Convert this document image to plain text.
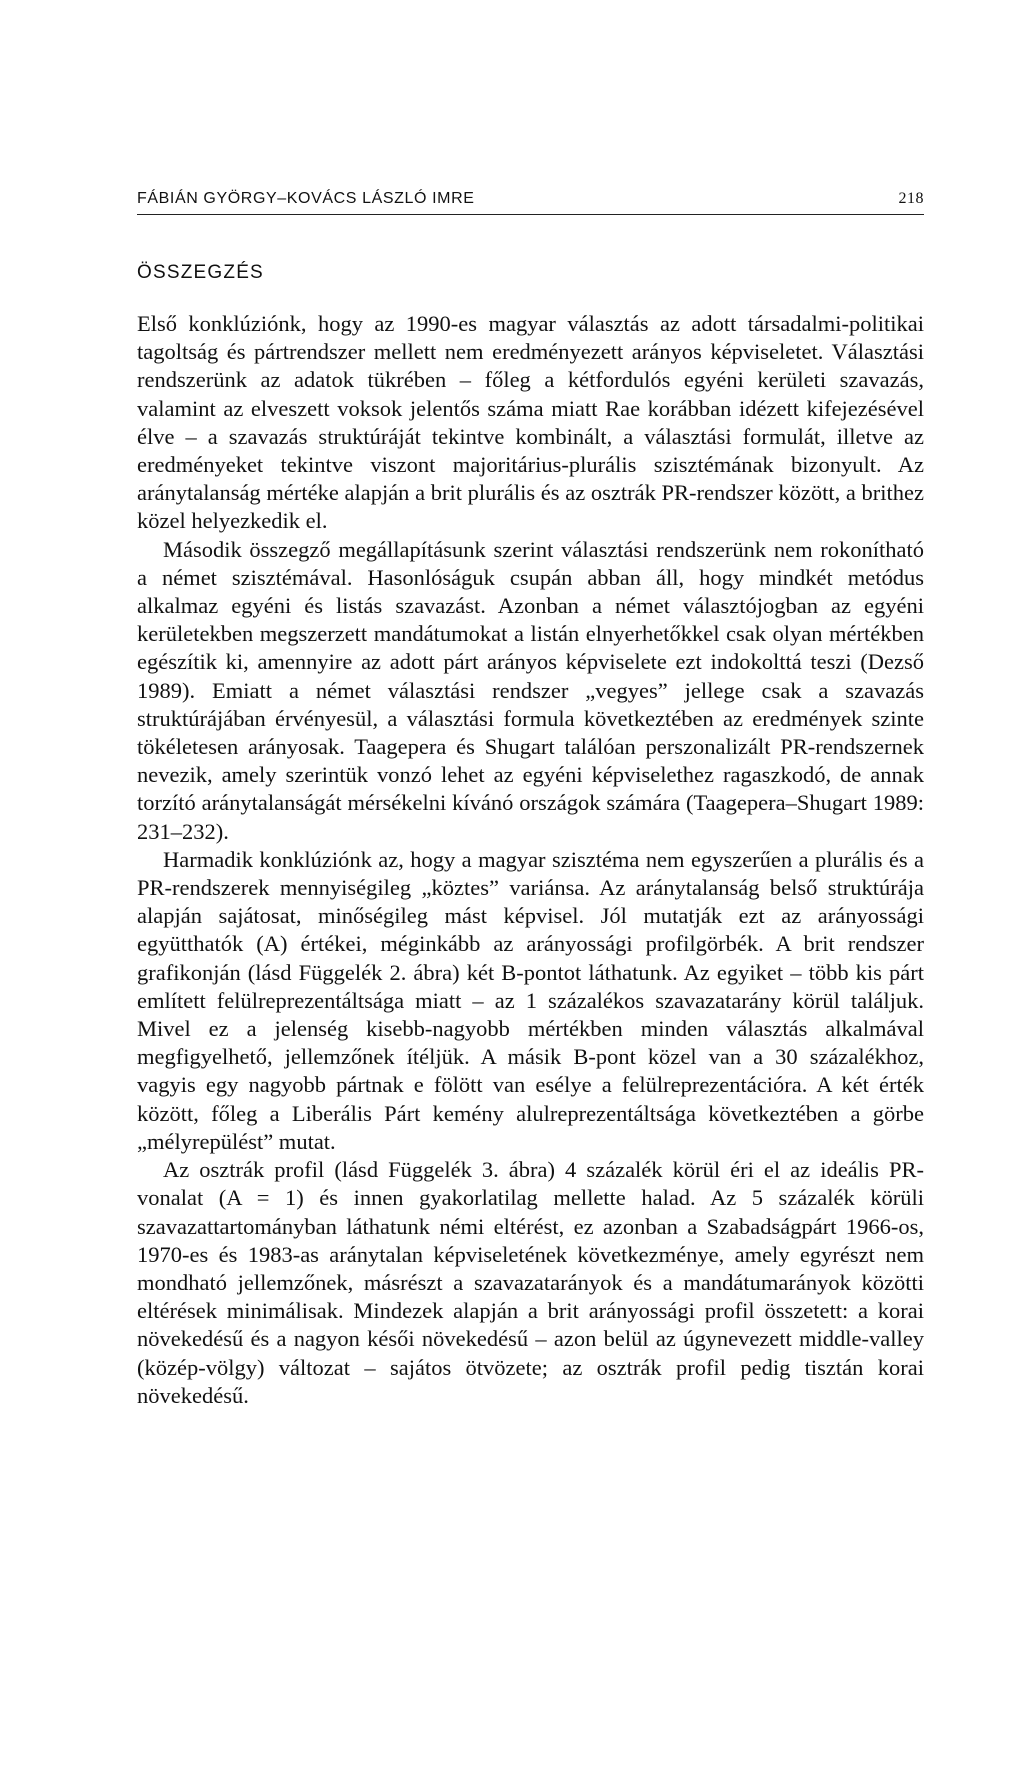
FÁBIÁN GYÖRGY–KOVÁCS LÁSZLÓ IMRE	218
ÖSSZEGZÉS

Első konklúziónk, hogy az 1990-es magyar választás az adott társadalmi-politikai tagoltság és pártrendszer mellett nem eredményezett arányos képviseletet. Választási rendszerünk az adatok tükrében – főleg a kétfordulós egyéni kerületi szavazás, valamint az elveszett voksok jelentős száma miatt Rae korábban idézett kifejezésével élve – a szavazás struktúráját tekintve kombinált, a választási formulát, illetve az eredményeket tekintve viszont majoritárius-plurális szisztémának bizonyult. Az aránytalanság mértéke alapján a brit plurális és az osztrák PR-rendszer között, a brithez közel helyezkedik el.

Második összegző megállapításunk szerint választási rendszerünk nem rokonítható a német szisztémával. Hasonlóságuk csupán abban áll, hogy mindkét metódus alkalmaz egyéni és listás szavazást. Azonban a német választójogban az egyéni kerületekben megszerzett mandátumokat a listán elnyerhetőkkel csak olyan mértékben egészítik ki, amennyire az adott párt arányos képviselete ezt indokolttá teszi (Dezső 1989). Emiatt a német választási rendszer „vegyes” jellege csak a szavazás struktúrájában érvényesül, a választási formula következtében az eredmények szinte tökéletesen arányosak. Taagepera és Shugart találóan perszonalizált PR-rendszernek nevezik, amely szerintük vonzó lehet az egyéni képviselethez ragaszkodó, de annak torzító aránytalanságát mérsékelni kívánó országok számára (Taagepera–Shugart 1989: 231–232).

Harmadik konklúziónk az, hogy a magyar szisztéma nem egyszerűen a plurális és a PR-rendszerek mennyiségileg „köztes” variánsa. Az aránytalanság belső struktúrája alapján sajátosat, minőségileg mást képvisel. Jól mutatják ezt az arányossági együtthatók (A) értékei, méginkább az arányossági profilgörbék. A brit rendszer grafikonján (lásd Függelék 2. ábra) két B-pontot láthatunk. Az egyiket – több kis párt említett felülreprezentáltsága miatt – az 1 százalékos szavazatarány körül találjuk. Mivel ez a jelenség kisebb-nagyobb mértékben minden választás alkalmával megfigyelhető, jellemzőnek ítéljük. A másik B-pont közel van a 30 százalékhoz, vagyis egy nagyobb pártnak e fölött van esélye a felülreprezentációra. A két érték között, főleg a Liberális Párt kemény alulreprezentáltsága következtében a görbe „mélyrepülést” mutat.

Az osztrák profil (lásd Függelék 3. ábra) 4 százalék körül éri el az ideális PR-vonalat (A = 1) és innen gyakorlatilag mellette halad. Az 5 százalék körüli szavazattartományban láthatunk némi eltérést, ez azonban a Szabadságpárt 1966-os, 1970-es és 1983-as aránytalan képviseletének következménye, amely egyrészt nem mondható jellemzőnek, másrészt a szavazatarányok és a mandátumarányok közötti eltérések minimálisak. Mindezek alapján a brit arányossági profil összetett: a korai növekedésű és a nagyon késői növekedésű – azon belül az úgynevezett middle-valley (közép-völgy) változat – sajátos ötvözete; az osztrák profil pedig tisztán korai növekedésű.
